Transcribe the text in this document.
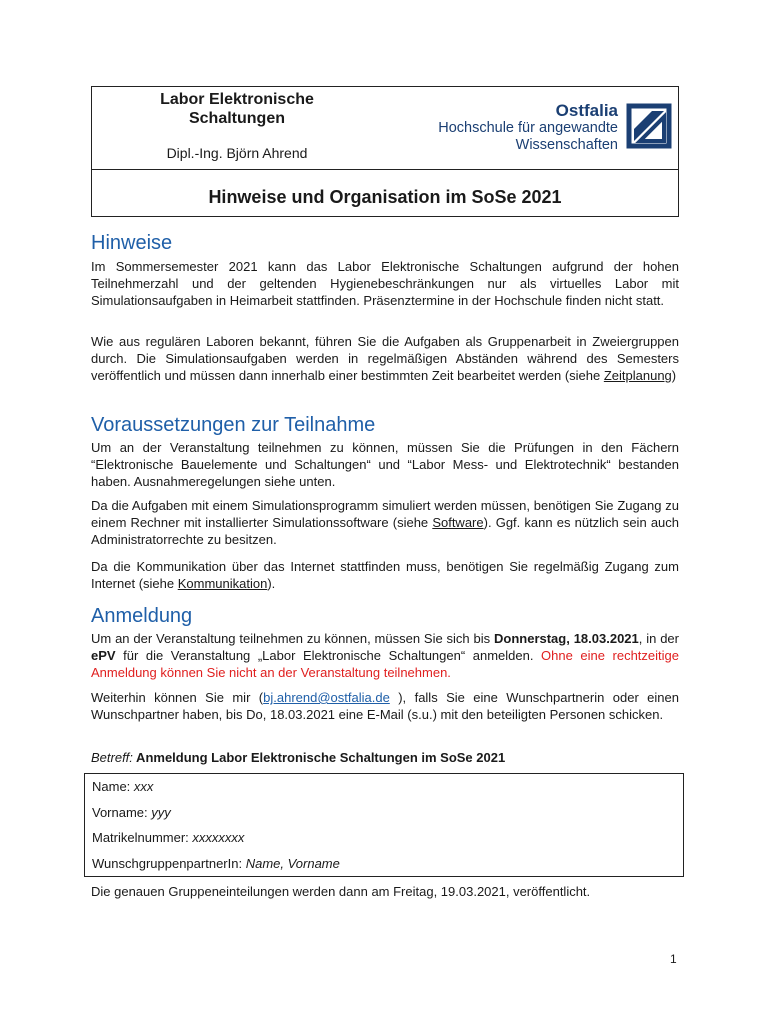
Labor Elektronische
Schaltungen
Dipl.-Ing. Björn Ahrend
Ostfalia
Hochschule für angewandte
Wissenschaften
Hinweise und Organisation im SoSe 2021
Hinweise

Im Sommersemester 2021 kann das Labor Elektronische Schaltungen aufgrund der hohen Teilnehmerzahl und der geltenden Hygienebeschränkungen nur als virtuelles Labor mit Simulationsaufgaben in Heimarbeit stattfinden. Präsenztermine in der Hochschule finden nicht statt.

Wie aus regulären Laboren bekannt, führen Sie die Aufgaben als Gruppenarbeit in Zweiergruppen durch. Die Simulationsaufgaben werden in regelmäßigen Abständen während des Semesters veröffentlich und müssen dann innerhalb einer bestimmten Zeit bearbeitet werden (siehe Zeitplanung)

Voraussetzungen zur Teilnahme

Um an der Veranstaltung teilnehmen zu können, müssen Sie die Prüfungen in den Fächern “Elektronische Bauelemente und Schaltungen“ und “Labor Mess- und Elektrotechnik“ bestanden haben. Ausnahmeregelungen siehe unten.

Da die Aufgaben mit einem Simulationsprogramm simuliert werden müssen, benötigen Sie Zugang zu einem Rechner mit installierter Simulationssoftware (siehe Software). Ggf. kann es nützlich sein auch Administratorrechte zu besitzen.

Da die Kommunikation über das Internet stattfinden muss, benötigen Sie regelmäßig Zugang zum Internet (siehe Kommunikation).

Anmeldung

Um an der Veranstaltung teilnehmen zu können, müssen Sie sich bis Donnerstag, 18.03.2021, in der ePV für die Veranstaltung „Labor Elektronische Schaltungen“ anmelden. Ohne eine rechtzeitige Anmeldung können Sie nicht an der Veranstaltung teilnehmen.

Weiterhin können Sie mir (bj.ahrend@ostfalia.de ), falls Sie eine Wunschpartnerin oder einen Wunschpartner haben, bis Do, 18.03.2021 eine E-Mail (s.u.) mit den beteiligten Personen schicken.

Betreff: Anmeldung Labor Elektronische Schaltungen im SoSe 2021

Name: xxx
Vorname: yyy
Matrikelnummer: xxxxxxxx
WunschgruppenpartnerIn: Name, Vorname

Die genauen Gruppeneinteilungen werden dann am Freitag, 19.03.2021, veröffentlicht.

1
